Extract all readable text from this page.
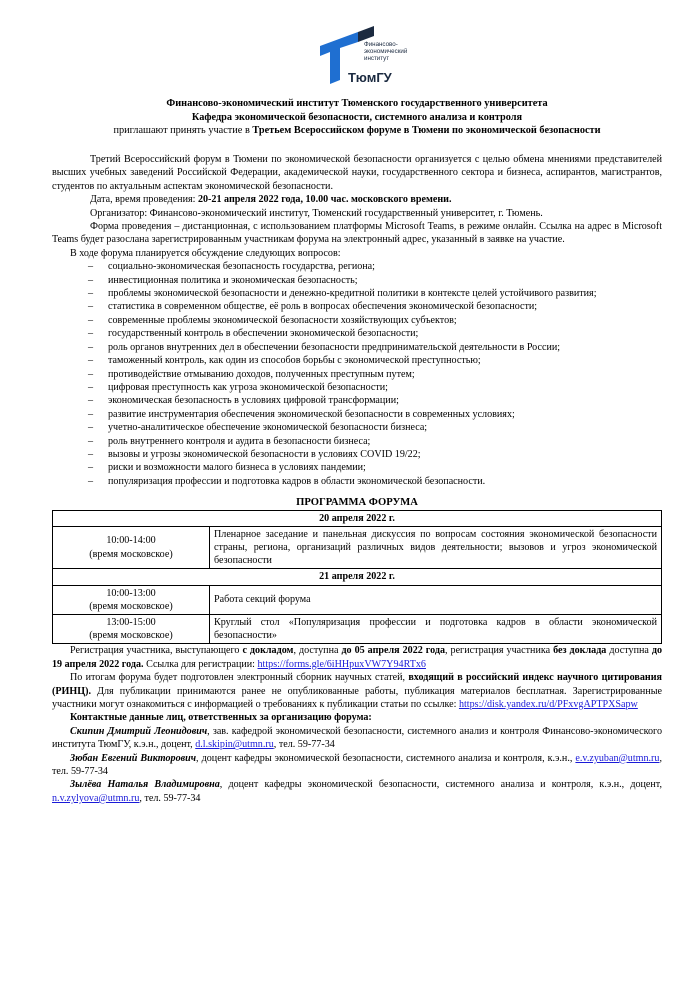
Финансово-
экономический
институт
ТюмГУ
Финансово-экономический институт Тюменского государственного университета
Кафедра экономической безопасности, системного анализа и контроля
приглашают принять участие в Третьем Всероссийском форуме в Тюмени по экономической безопасности

Третий Всероссийский форум в Тюмени по экономической безопасности организуется с целью обмена мнениями представителей высших учебных заведений Российской Федерации, академической науки, государственного сектора и бизнеса, аспирантов, магистрантов, студентов по актуальным аспектам экономической безопасности.

Дата, время проведения: 20-21 апреля 2022 года, 10.00 час. московского времени.

Организатор: Финансово-экономический институт, Тюменский государственный университет, г. Тюмень.

Форма проведения – дистанционная, с использованием платформы Microsoft Teams, в режиме онлайн. Ссылка на адрес в Microsoft Teams будет разослана зарегистрированным участникам форума на электронный адрес, указанный в заявке на участие.

В ходе форума планируется обсуждение следующих вопросов:

– социально-экономическая безопасность государства, региона;
– инвестиционная политика и экономическая безопасность;
– проблемы экономической безопасности и денежно-кредитной политики в контексте целей устойчивого развития;
– статистика в современном обществе, её роль в вопросах обеспечения экономической безопасности;
– современные проблемы экономической безопасности хозяйствующих субъектов;
– государственный контроль в обеспечении экономической безопасности;
– роль органов внутренних дел в обеспечении безопасности предпринимательской деятельности в России;
– таможенный контроль, как один из способов борьбы с экономической преступностью;
– противодействие отмыванию доходов, полученных преступным путем;
– цифровая преступность как угроза экономической безопасности;
– экономическая безопасность в условиях цифровой трансформации;
– развитие инструментария обеспечения экономической безопасности в современных условиях;
– учетно-аналитическое обеспечение экономической безопасности бизнеса;
– роль внутреннего контроля и аудита в безопасности бизнеса;
– вызовы и угрозы экономической безопасности в условиях COVID 19/22;
– риски и возможности малого бизнеса в условиях пандемии;
– популяризация профессии и подготовка кадров в области экономической безопасности.
ПРОГРАММА ФОРУМА
20 апреля 2022 г.	

10:00-14:00
(время московское)	Пленарное заседание и панельная дискуссия по вопросам состояния экономической безопасности страны, региона, организаций различных видов деятельности; вызовов и угроз экономической безопасности
21 апреля 2022 г.	

10:00-13:00
(время московское)	Работа секций форума

13:00-15:00
(время московское)	Круглый стол «Популяризация профессии и подготовка кадров в области экономической безопасности»

Регистрация участника, выступающего с докладом, доступна до 05 апреля 2022 года, регистрация участника без доклада доступна до 19 апреля 2022 года. Ссылка для регистрации: https://forms.gle/6iHHpuxVW7Y94RTx6

По итогам форума будет подготовлен электронный сборник научных статей, входящий в российский индекс научного цитирования (РИНЦ). Для публикации принимаются ранее не опубликованные работы, публикация материалов бесплатная. Зарегистрированные участники могут ознакомиться с информацией о требованиях к публикации статьи по ссылке: https://disk.yandex.ru/d/PFxvgAPTPXSapw

Контактные данные лиц, ответственных за организацию форума:

Скипин Дмитрий Леонидович, зав. кафедрой экономической безопасности, системного анализ и контроля Финансово-экономического института ТюмГУ, к.э.н., доцент, d.l.skipin@utmn.ru, тел. 59-77-34

Зюбан Евгений Викторович, доцент кафедры экономической безопасности, системного анализа и контроля, к.э.н., e.v.zyuban@utmn.ru, тел. 59-77-34

Зылёва Наталья Владимировна, доцент кафедры экономической безопасности, системного анализа и контроля, к.э.н., доцент, n.v.zylyova@utmn.ru, тел. 59-77-34
